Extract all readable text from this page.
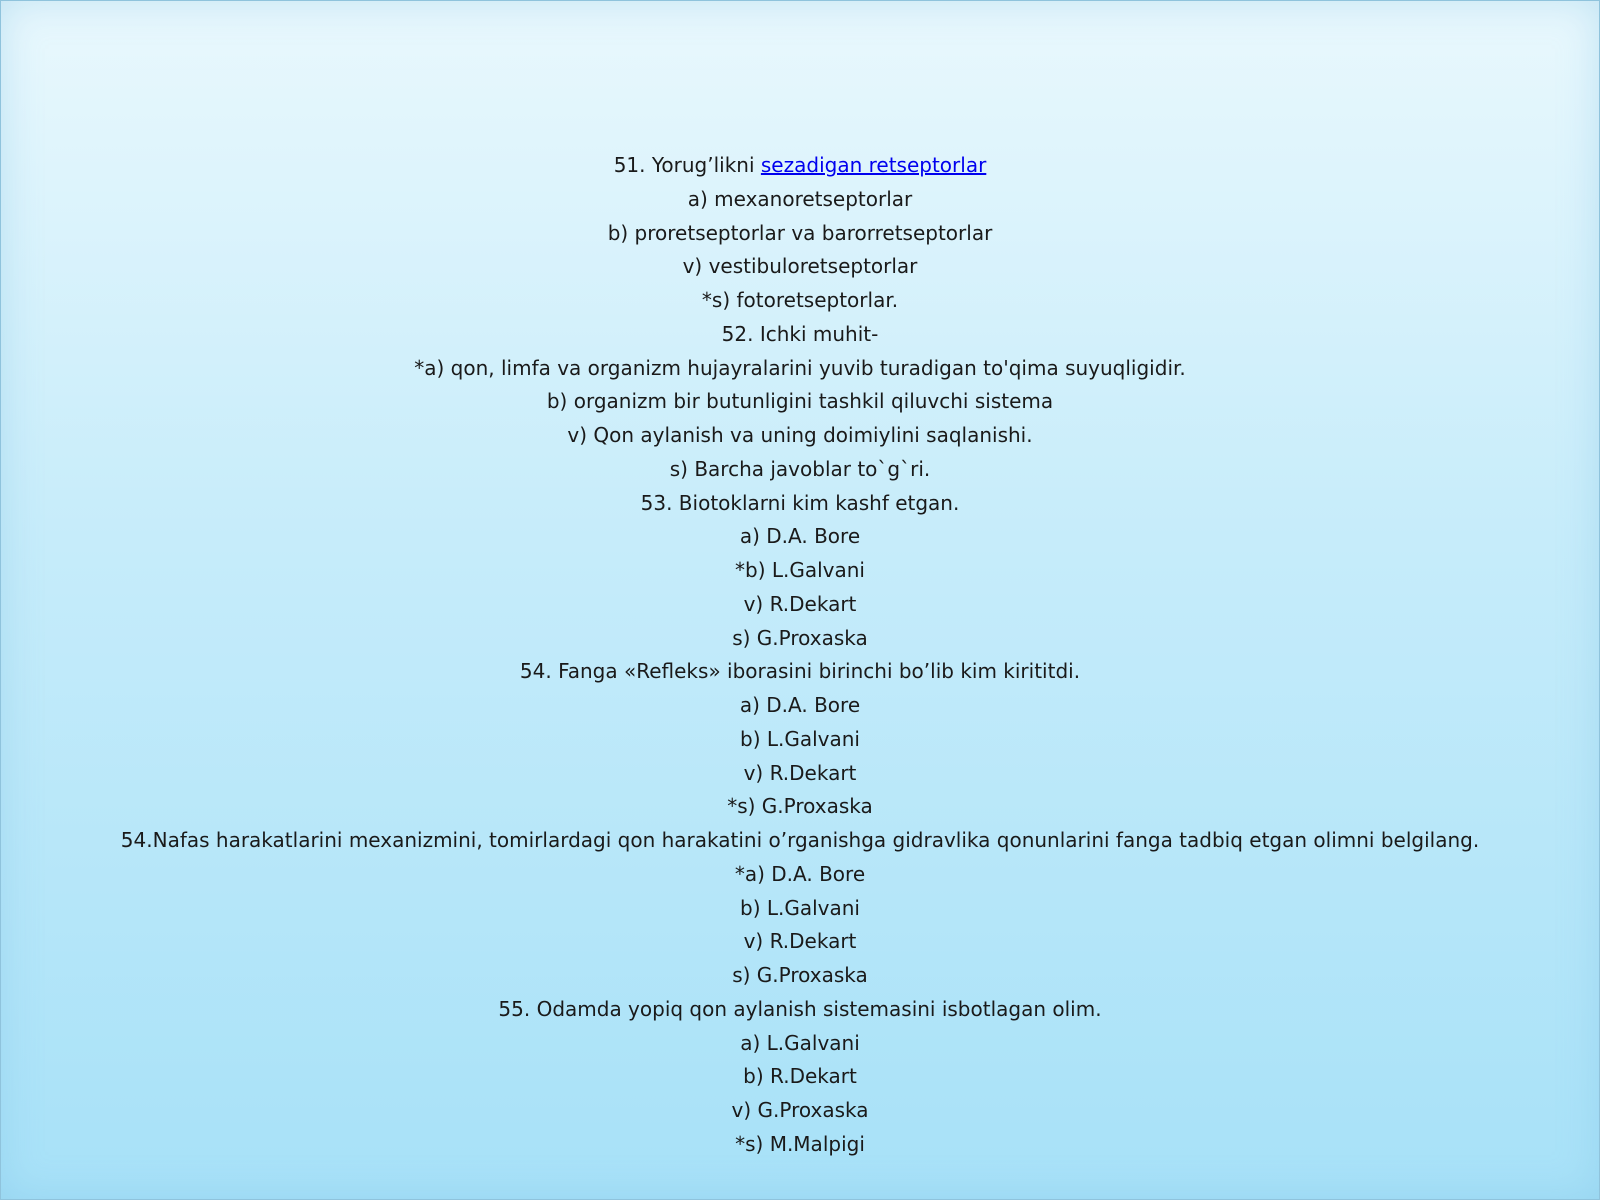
51. Yorug’likni sezadigan retseptorlar
a) mexanoretseptorlar
b) proretseptorlar va barorretseptorlar
v) vestibuloretseptorlar
*s) fotoretseptorlar.
52. Ichki muhit-
*a) qon, limfa va organizm hujayralarini yuvib turadigan to'qima suyuqligidir.
b) organizm bir butunligini tashkil qiluvchi sistema
v) Qon aylanish va uning doimiylini saqlanishi.
s) Barcha javoblar to`g`ri.
53. Biotoklarni kim kashf etgan.
a) D.A. Bore
*b) L.Galvani
v) R.Dekart
s) G.Proxaska
54. Fanga «Refleks» iborasini birinchi bo’lib kim kirititdi.
a) D.A. Bore
b) L.Galvani
v) R.Dekart
*s) G.Proxaska
54.Nafas harakatlarini mexanizmini, tomirlardagi qon harakatini o’rganishga gidravlika qonunlarini fanga tadbiq etgan olimni belgilang.
*a) D.A. Bore
b) L.Galvani
v) R.Dekart
s) G.Proxaska
55. Odamda yopiq qon aylanish sistemasini isbotlagan olim.
a) L.Galvani
b) R.Dekart
v) G.Proxaska
*s) M.Malpigi
